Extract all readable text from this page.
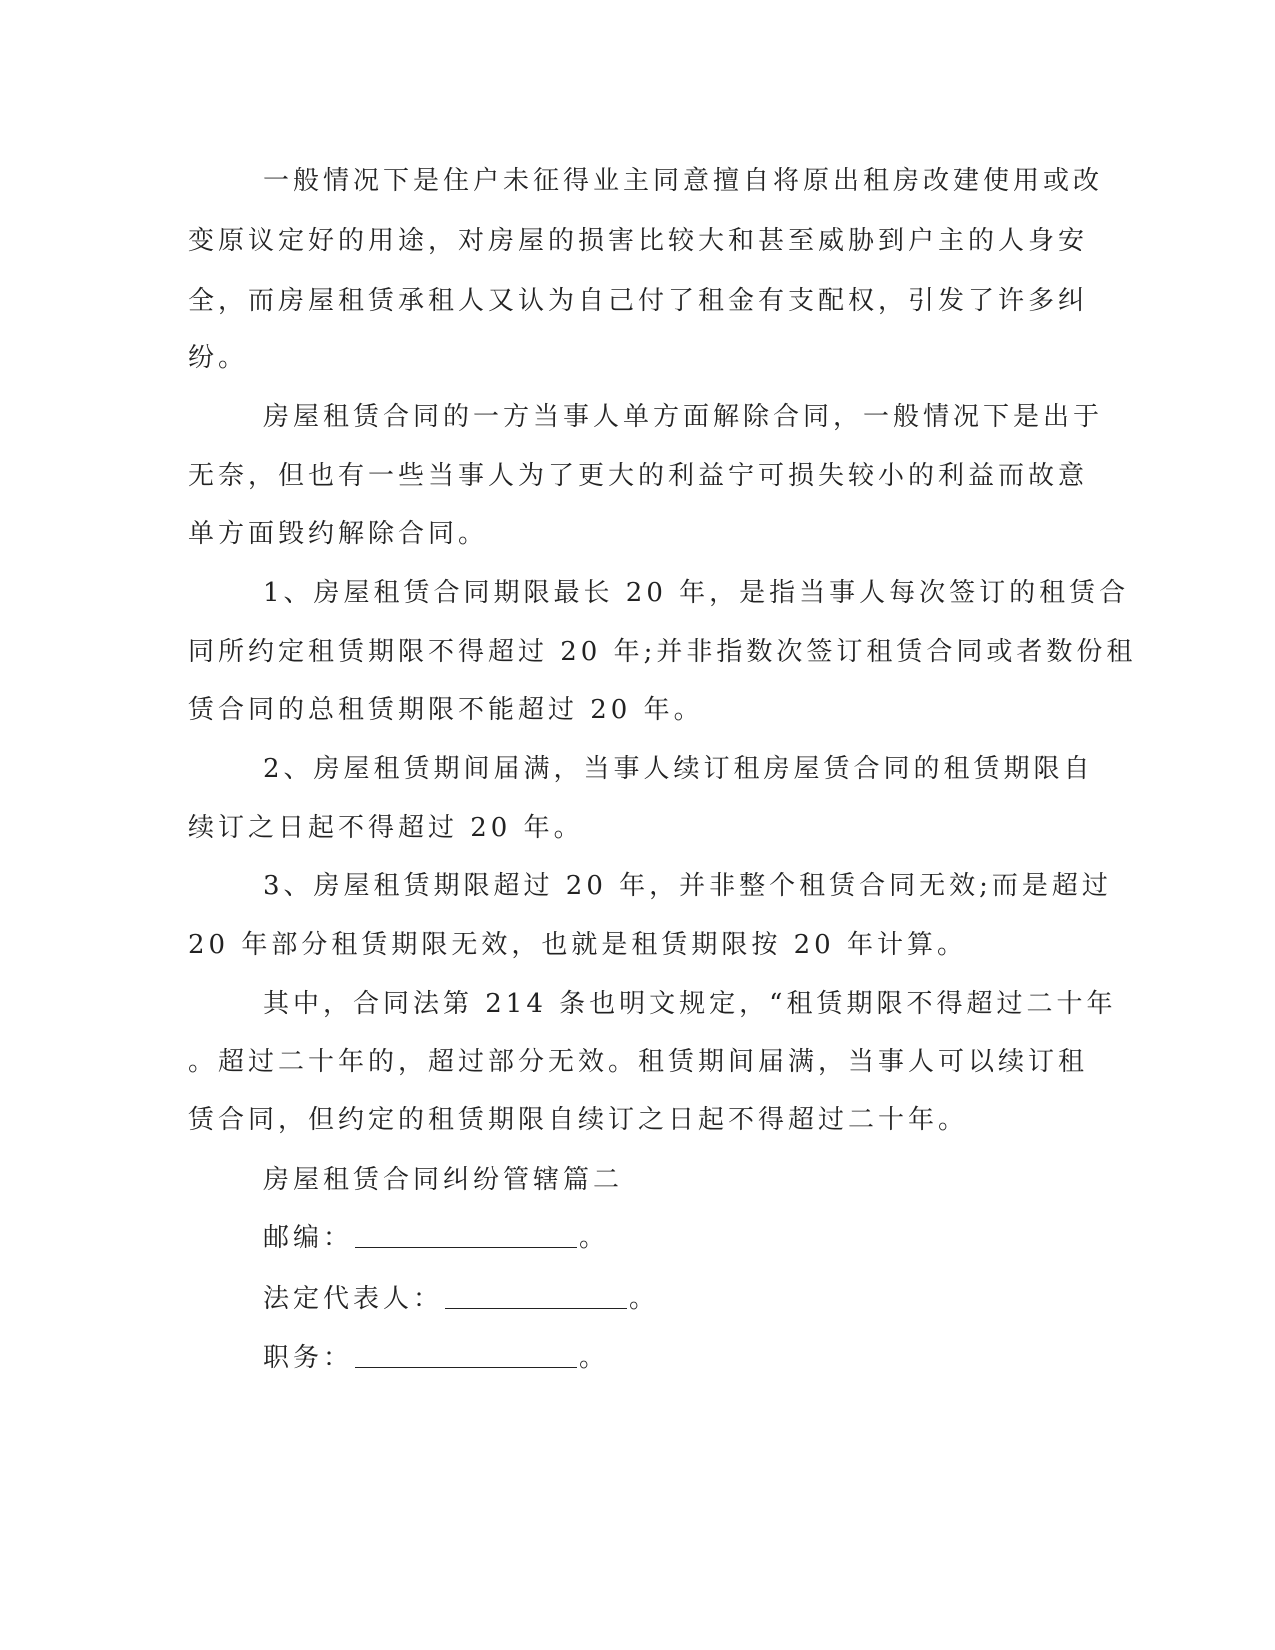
一般情况下是住户未征得业主同意擅自将原出租房改建使用或改
变原议定好的用途，对房屋的损害比较大和甚至威胁到户主的人身安
全，而房屋租赁承租人又认为自己付了租金有支配权，引发了许多纠
纷。
房屋租赁合同的一方当事人单方面解除合同，一般情况下是出于
无奈，但也有一些当事人为了更大的利益宁可损失较小的利益而故意
单方面毁约解除合同。
1、房屋租赁合同期限最长 20 年，是指当事人每次签订的租赁合
同所约定租赁期限不得超过 20 年;并非指数次签订租赁合同或者数份租
赁合同的总租赁期限不能超过 20 年。
2、房屋租赁期间届满，当事人续订租房屋赁合同的租赁期限自
续订之日起不得超过 20 年。
3、房屋租赁期限超过 20 年，并非整个租赁合同无效;而是超过
20 年部分租赁期限无效，也就是租赁期限按 20 年计算。
其中，合同法第 214 条也明文规定，“租赁期限不得超过二十年
。超过二十年的，超过部分无效。租赁期间届满，当事人可以续订租
赁合同，但约定的租赁期限自续订之日起不得超过二十年。
房屋租赁合同纠纷管辖篇二
邮编：	。
法定代表人：	。
职务：	。
